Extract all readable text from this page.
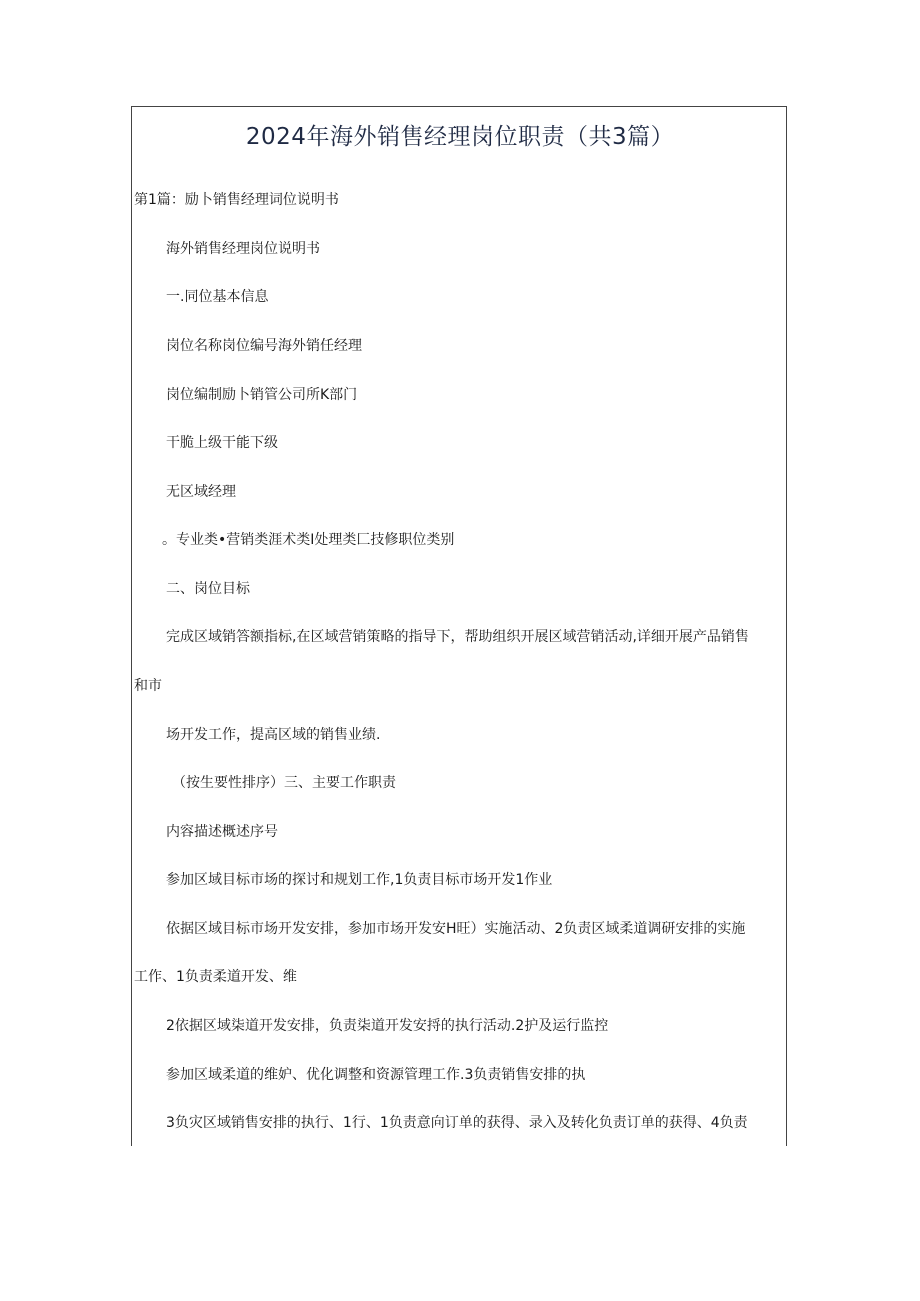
2024年海外销售经理岗位职责（共3篇）
第1篇：励卜销售经理词位说明书
海外销售经理岗位说明书
一.同位基本信息
岗位名称岗位编号海外销任经理
岗位编制励卜销管公司所K部门
干脆上级干能下级
无区域经理
。专业类•营销类涯术类I处理类匚技修职位类别
二、岗位目标
完成区域销答额指标,在区域营销策略的指导下，帮助组织开展区域营销活动,详细开展产品销售
和市
场开发工作，提高区域的销售业绩.
（按生要性排序）三、主要工作职责
内容描述概述序号
参加区域目标市场的探讨和规划工作,1负责目标市场开发1作业
依据区域目标市场开发安排，参加市场开发安H旺）实施活动、2负责区域柔道调研安排的实施
工作、1负责柔道开发、维
2依据区域柒道开发安排，负责柒道开发安捋的执行活动.2护及运行监控
参加区域柔道的维妒、优化调整和资源管理工作.3负责销售安排的执
3负灾区域销售安排的执行、1行、1负责意向订单的获得、录入及转化负责订单的获得、4负责
